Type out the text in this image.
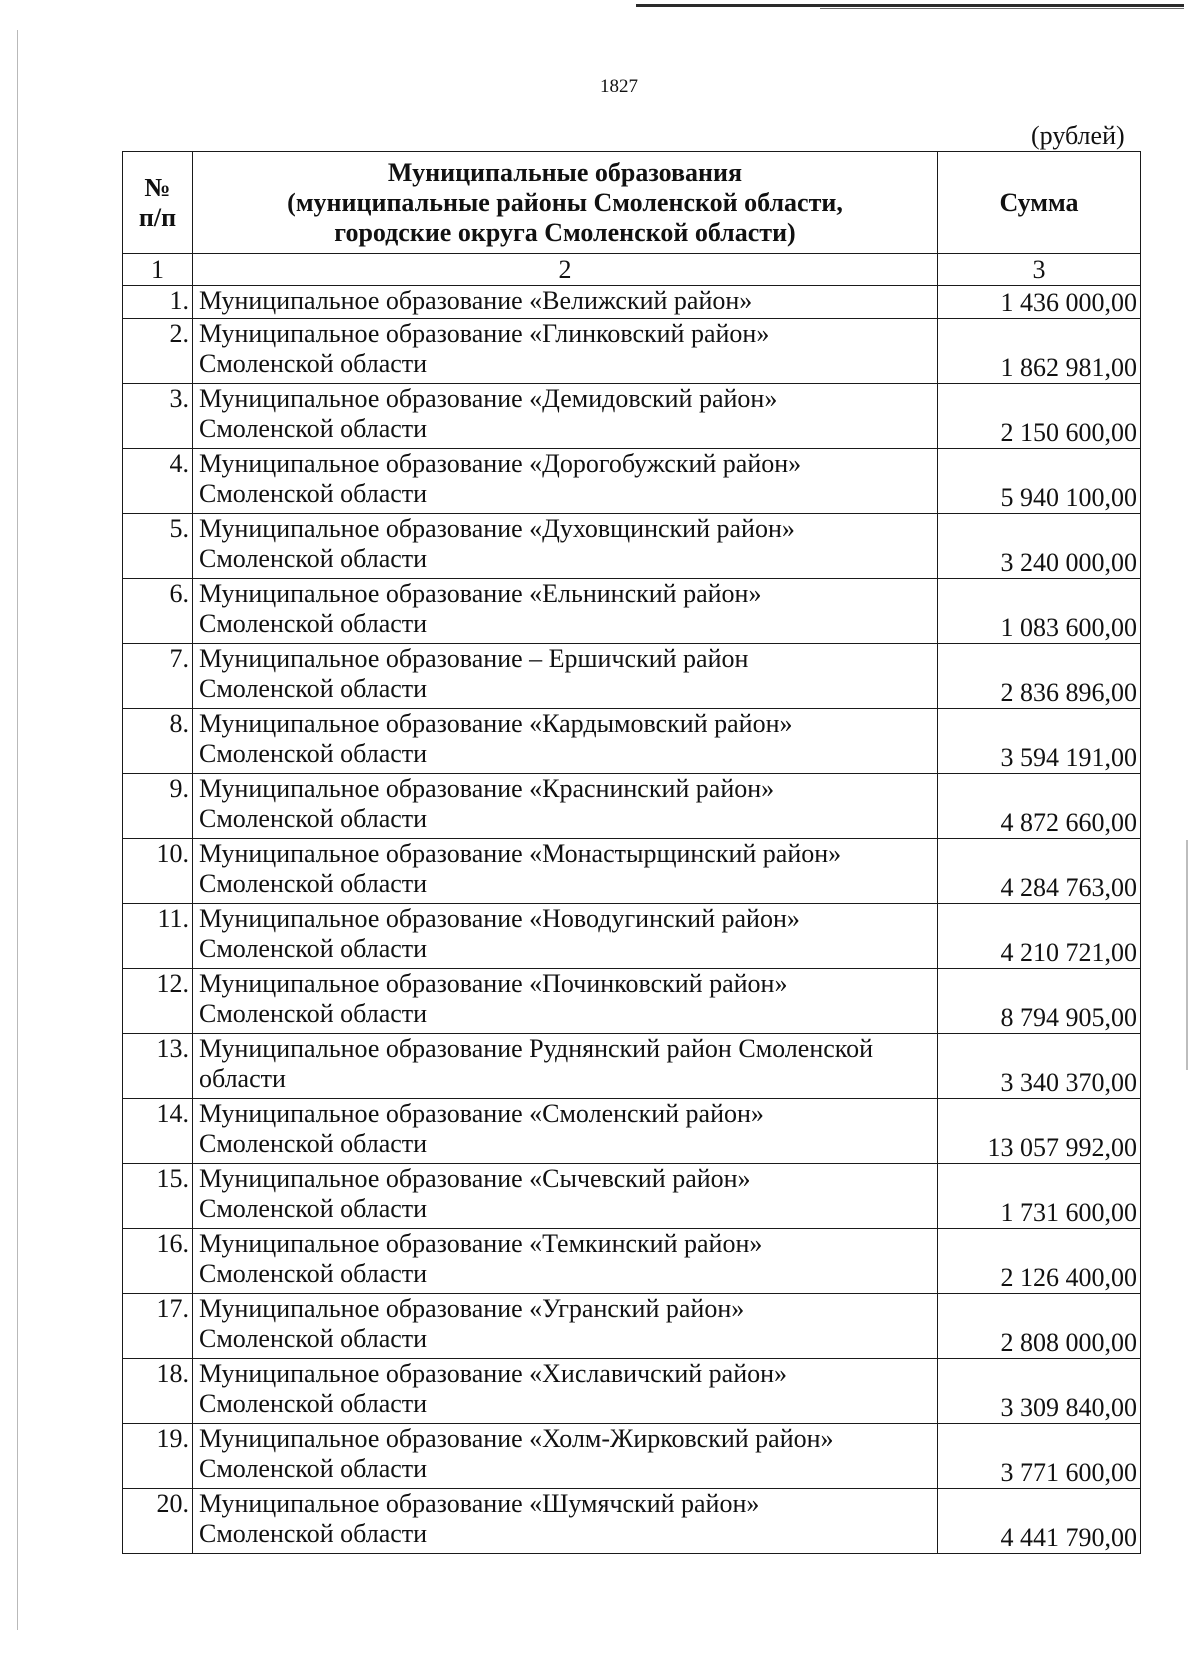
1827
(рублей)
№
п/п	Муниципальные образования
(муниципальные районы Смоленской области,
городские округа Смоленской области)	Сумма
1	2	3
1.	Муниципальное образование «Велижский район»	1 436 000,00
2.	Муниципальное образование «Глинковский район»
Смоленской области	1 862 981,00
3.	Муниципальное образование «Демидовский район»
Смоленской области	2 150 600,00
4.	Муниципальное образование «Дорогобужский район»
Смоленской области	5 940 100,00
5.	Муниципальное образование «Духовщинский район»
Смоленской области	3 240 000,00
6.	Муниципальное образование «Ельнинский район»
Смоленской области	1 083 600,00
7.	Муниципальное образование – Ершичский район
Смоленской области	2 836 896,00
8.	Муниципальное образование «Кардымовский район»
Смоленской области	3 594 191,00
9.	Муниципальное образование «Краснинский район»
Смоленской области	4 872 660,00
10.	Муниципальное образование «Монастырщинский район»
Смоленской области	4 284 763,00
11.	Муниципальное образование «Новодугинский район»
Смоленской области	4 210 721,00
12.	Муниципальное образование «Починковский район»
Смоленской области	8 794 905,00
13.	Муниципальное образование Руднянский район Смоленской
области	3 340 370,00
14.	Муниципальное образование «Смоленский район»
Смоленской области	13 057 992,00
15.	Муниципальное образование «Сычевский район»
Смоленской области	1 731 600,00
16.	Муниципальное образование «Темкинский район»
Смоленской области	2 126 400,00
17.	Муниципальное образование «Угранский район»
Смоленской области	2 808 000,00
18.	Муниципальное образование «Хиславичский район»
Смоленской области	3 309 840,00
19.	Муниципальное образование «Холм-Жирковский район»
Смоленской области	3 771 600,00
20.	Муниципальное образование «Шумячский район»
Смоленской области	4 441 790,00
